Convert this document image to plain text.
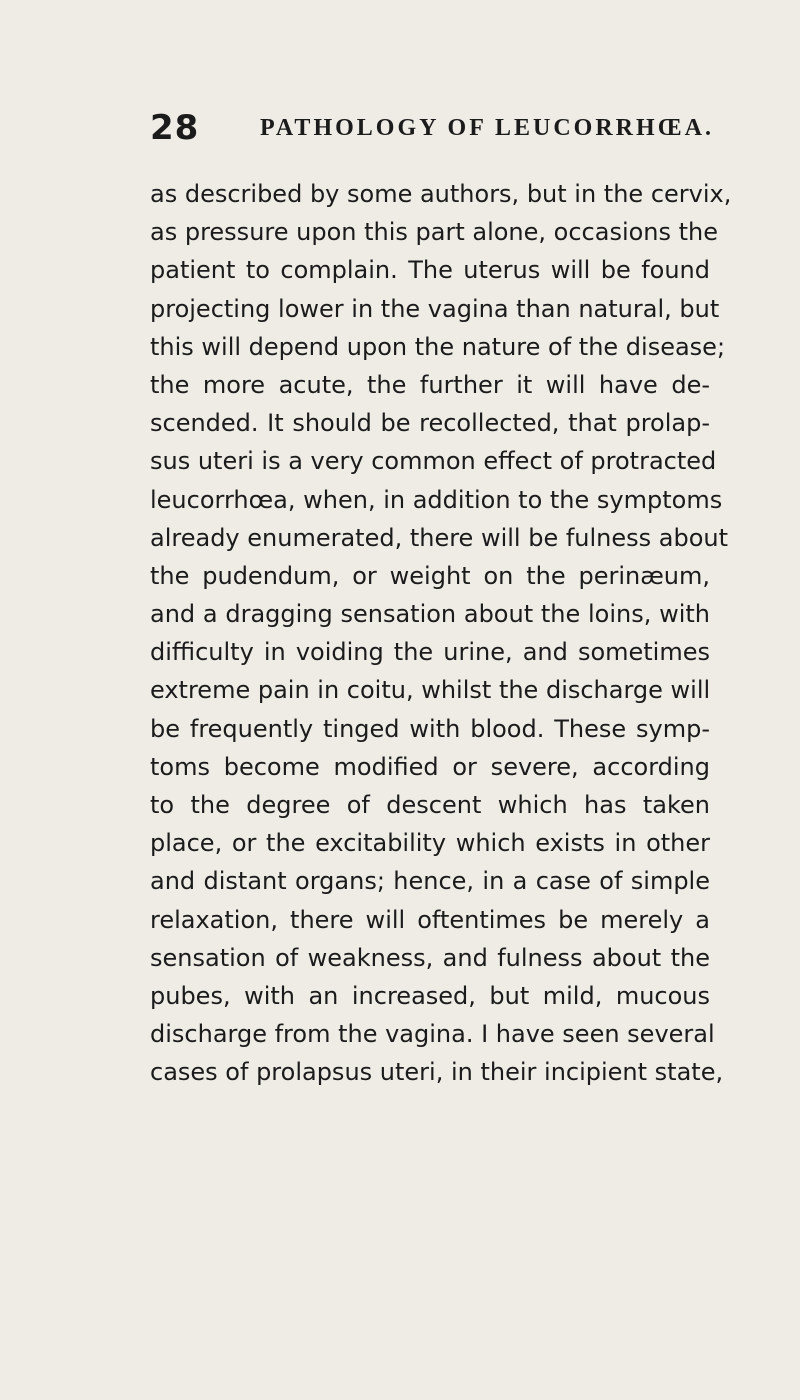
28	PATHOLOGY OF LEUCORRHŒA.
as described by some authors, but in the cervix,
as pressure upon this part alone, occasions the
patient to complain. The uterus will be found
projecting lower in the vagina than natural, but
this will depend upon the nature of the disease;
the more acute, the further it will have de-
scended. It should be recollected, that prolap-
sus uteri is a very common effect of protracted
leucorrhœa, when, in addition to the symptoms
already enumerated, there will be fulness about
the pudendum, or weight on the perinæum,
and a dragging sensation about the loins, with
difficulty in voiding the urine, and sometimes
extreme pain in coitu, whilst the discharge will
be frequently tinged with blood. These symp-
toms become modified or severe, according
to the degree of descent which has taken
place, or the excitability which exists in other
and distant organs; hence, in a case of simple
relaxation, there will oftentimes be merely a
sensation of weakness, and fulness about the
pubes, with an increased, but mild, mucous
discharge from the vagina. I have seen several
cases of prolapsus uteri, in their incipient state,
